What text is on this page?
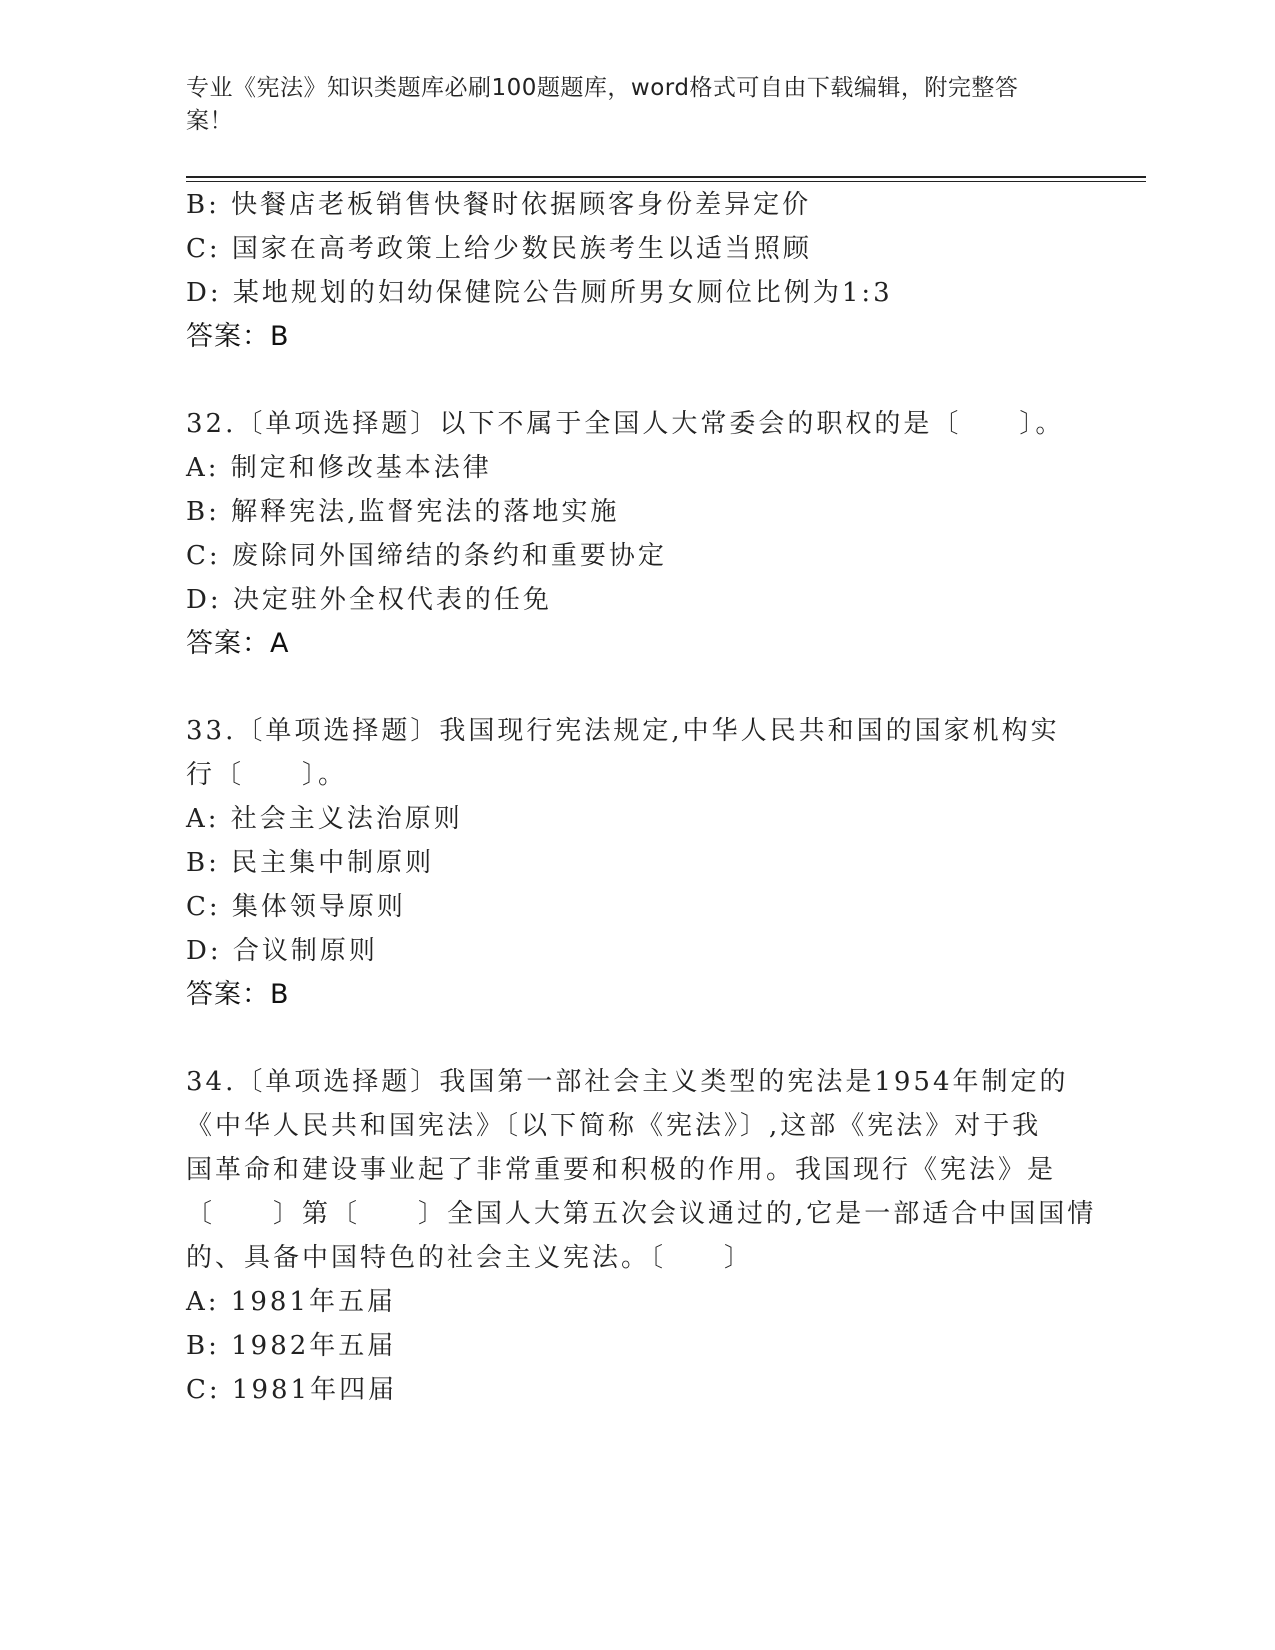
专业《宪法》知识类题库必刷100题题库，word格式可自由下载编辑，附完整答
案！
B: 快餐店老板销售快餐时依据顾客身份差异定价
C: 国家在高考政策上给少数民族考生以适当照顾
D: 某地规划的妇幼保健院公告厕所男女厕位比例为1:3
答案：B
32.〔单项选择题〕以下不属于全国人大常委会的职权的是〔　　〕。
A: 制定和修改基本法律
B: 解释宪法,监督宪法的落地实施
C: 废除同外国缔结的条约和重要协定
D: 决定驻外全权代表的任免
答案：A
33.〔单项选择题〕我国现行宪法规定,中华人民共和国的国家机构实
行〔　　〕。
A: 社会主义法治原则
B: 民主集中制原则
C: 集体领导原则
D: 合议制原则
答案：B
34.〔单项选择题〕我国第一部社会主义类型的宪法是1954年制定的
《中华人民共和国宪法》〔以下简称《宪法》〕,这部《宪法》对于我
国革命和建设事业起了非常重要和积极的作用。我国现行《宪法》是
〔　　〕第〔　　〕全国人大第五次会议通过的,它是一部适合中国国情
的、具备中国特色的社会主义宪法。〔　　〕
A: 1981年五届
B: 1982年五届
C: 1981年四届
